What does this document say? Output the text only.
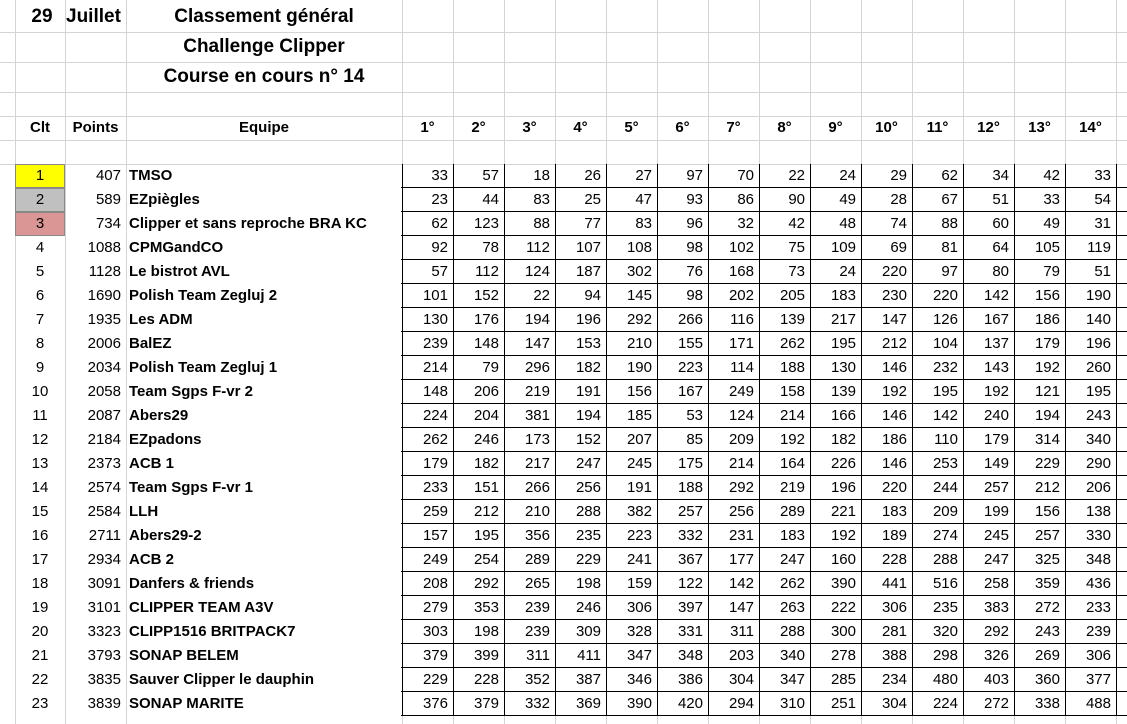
29 Juillet	Classement général
Challenge Clipper
Course en cours n° 14
Clt	Points	Equipe	1°	2°	3°	4°	5°	6°	7°	8°	9°	10°	11°	12°	13°	14°
1	407 TMSO	33	57	18	26	27	97	70	22	24	29	62	34	42	33
2	589 EZpiègles	23	44	83	25	47	93	86	90	49	28	67	51	33	54
3	734 Clipper et sans reproche BRA KC	62	123	88	77	83	96	32	42	48	74	88	60	49	31
4	1088 CPMGandCO	92	78	112	107	108	98	102	75	109	69	81	64	105	119
5	1128 Le bistrot AVL	57	112	124	187	302	76	168	73	24	220	97	80	79	51
6	1690 Polish Team Zegluj 2	101	152	22	94	145	98	202	205	183	230	220	142	156	190
7	1935 Les ADM	130	176	194	196	292	266	116	139	217	147	126	167	186	140
8	2006 BalEZ	239	148	147	153	210	155	171	262	195	212	104	137	179	196
9	2034 Polish Team Zegluj 1	214	79	296	182	190	223	114	188	130	146	232	143	192	260
10	2058 Team Sgps F-vr 2	148	206	219	191	156	167	249	158	139	192	195	192	121	195
11	2087 Abers29	224	204	381	194	185	53	124	214	166	146	142	240	194	243
12	2184 EZpadons	262	246	173	152	207	85	209	192	182	186	110	179	314	340
13	2373 ACB 1	179	182	217	247	245	175	214	164	226	146	253	149	229	290
14	2574 Team Sgps F-vr 1	233	151	266	256	191	188	292	219	196	220	244	257	212	206
15	2584 LLH	259	212	210	288	382	257	256	289	221	183	209	199	156	138
16	2711 Abers29-2	157	195	356	235	223	332	231	183	192	189	274	245	257	330
17	2934 ACB 2	249	254	289	229	241	367	177	247	160	228	288	247	325	348
18	3091 Danfers & friends	208	292	265	198	159	122	142	262	390	441	516	258	359	436
19	3101 CLIPPER TEAM A3V	279	353	239	246	306	397	147	263	222	306	235	383	272	233
20	3323 CLIPP1516 BRITPACK7	303	198	239	309	328	331	311	288	300	281	320	292	243	239
21	3793 SONAP BELEM	379	399	311	411	347	348	203	340	278	388	298	326	269	306
22	3835 Sauver Clipper le dauphin	229	228	352	387	346	386	304	347	285	234	480	403	360	377
23	3839 SONAP MARITE	376	379	332	369	390	420	294	310	251	304	224	272	338	488
